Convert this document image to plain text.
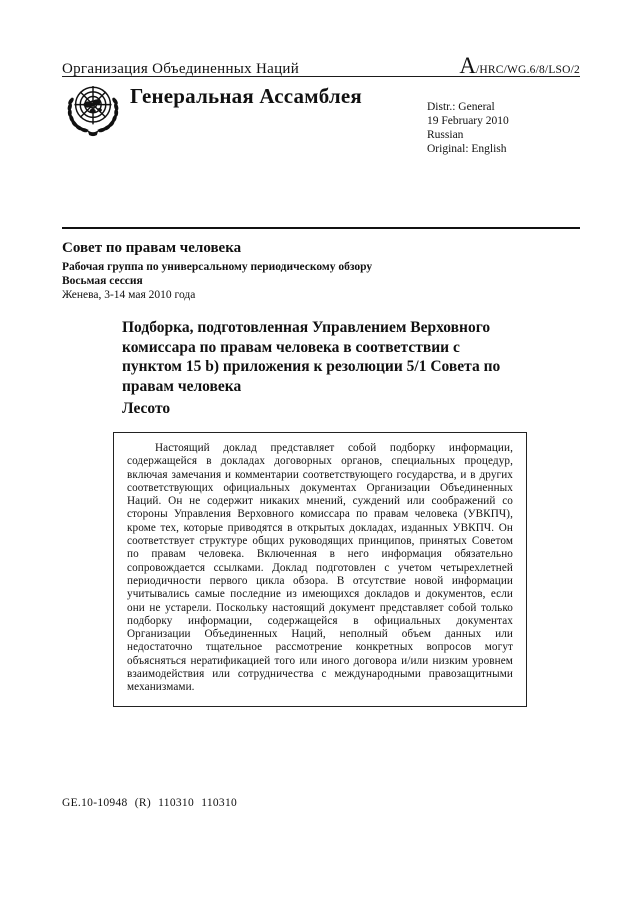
Организация Объединенных Наций	A/HRC/WG.6/8/LSO/2
Генеральная Ассамблея	Distr.: General
19 February 2010
Russian
Original: English
Совет по правам человека
Рабочая группа по универсальному периодическому обзору
Восьмая сессия
Женева, 3-14 мая 2010 года
Подборка, подготовленная Управлением Верховного комиссара по правам человека в соответствии с пунктом 15 b) приложения к резолюции 5/1 Совета по правам человека
Лесото

Настоящий доклад представляет собой подборку информации, содержащейся в докладах договорных органов, специальных процедур, включая замечания и комментарии соответствующего государства, и в других соответствующих официальных документах Организации Объединенных Наций. Он не содержит никаких мнений, суждений или соображений со стороны Управления Верховного комиссара по правам человека (УВКПЧ), кроме тех, которые приводятся в открытых докладах, изданных УВКПЧ. Он соответствует структуре общих руководящих принципов, принятых Советом по правам человека. Включенная в него информация обязательно сопровождается ссылками. Доклад подготовлен с учетом четырехлетней периодичности первого цикла обзора. В отсутствие новой информации учитывались самые последние из имеющихся докладов и документов, если они не устарели. Поскольку настоящий документ представляет собой только подборку информации, содержащейся в официальных документах Организации Объединенных Наций, неполный объем данных или недостаточно тщательное рассмотрение конкретных вопросов могут объясняться нератификацией того или иного договора и/или низким уровнем взаимодействия или сотрудничества с международными правозащитными механизмами.

GE.10-10948 (R) 110310 110310
